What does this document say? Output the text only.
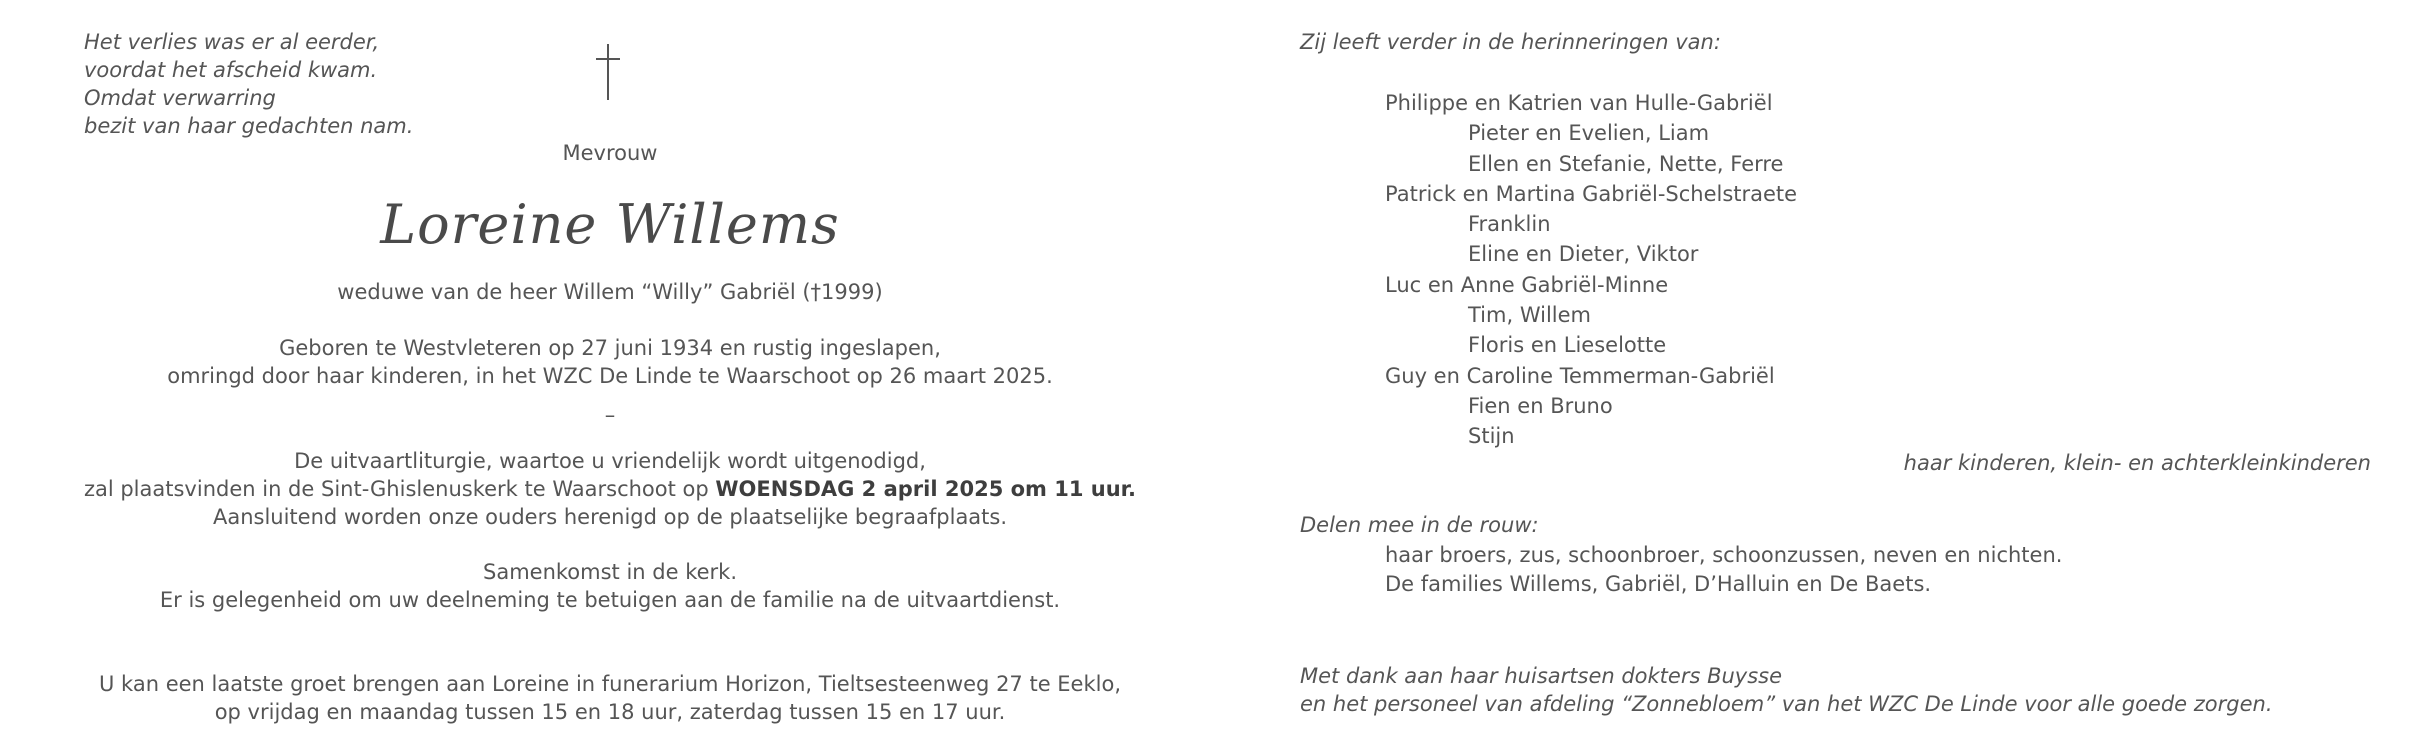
Het verlies was er al eerder,
voordat het afscheid kwam.
Omdat verwarring
bezit van haar gedachten nam.
Mevrouw
Loreine Willems
weduwe van de heer Willem “Willy” Gabriël (†1999)
Geboren te Westvleteren op 27 juni 1934 en rustig ingeslapen,
omringd door haar kinderen, in het WZC De Linde te Waarschoot op 26 maart 2025.
–
De uitvaartliturgie, waartoe u vriendelijk wordt uitgenodigd,
zal plaatsvinden in de Sint-Ghislenuskerk te Waarschoot op WOENSDAG 2 april 2025 om 11 uur.
Aansluitend worden onze ouders herenigd op de plaatselijke begraafplaats.
Samenkomst in de kerk.
Er is gelegenheid om uw deelneming te betuigen aan de familie na de uitvaartdienst.
U kan een laatste groet brengen aan Loreine in funerarium Horizon, Tieltsesteenweg 27 te Eeklo,
op vrijdag en maandag tussen 15 en 18 uur, zaterdag tussen 15 en 17 uur.
Zij leeft verder in de herinneringen van:
Philippe en Katrien van Hulle-Gabriël
Pieter en Evelien, Liam
Ellen en Stefanie, Nette, Ferre
Patrick en Martina Gabriël-Schelstraete
Franklin
Eline en Dieter, Viktor
Luc en Anne Gabriël-Minne
Tim, Willem
Floris en Lieselotte
Guy en Caroline Temmerman-Gabriël
Fien en Bruno
Stijn
haar kinderen, klein- en achterkleinkinderen
Delen mee in de rouw:
haar broers, zus, schoonbroer, schoonzussen, neven en nichten.
De families Willems, Gabriël, D’Halluin en De Baets.
Met dank aan haar huisartsen dokters Buysse
en het personeel van afdeling “Zonnebloem” van het WZC De Linde voor alle goede zorgen.
